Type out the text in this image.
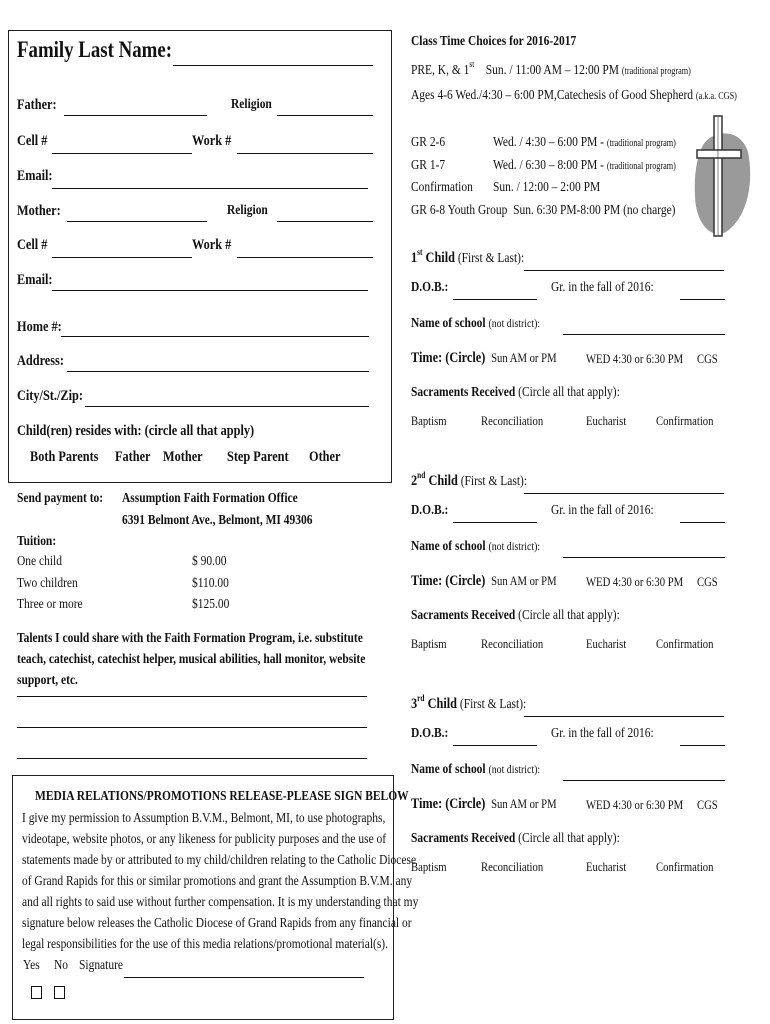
Family Last Name:
Father:	Religion
Cell #	Work #
Email:
Mother:	Religion
Cell #	Work #
Email:
Home #:
Address:
City/St./Zip:
Child(ren) resides with: (circle all that apply)
Both Parents	Father Mother	Step Parent	Other
Send payment to:	Assumption Faith Formation Office
6391 Belmont Ave., Belmont, MI 49306
Tuition:
One child	$ 90.00
Two children	$110.00
Three or more	$125.00
Talents I could share with the Faith Formation Program, i.e. substitute teach, catechist, catechist helper, musical abilities, hall monitor, website support, etc.
MEDIA RELATIONS/PROMOTIONS RELEASE-PLEASE SIGN BELOW
I give my permission to Assumption B.V.M., Belmont, MI, to use photographs,
videotape, website photos, or any likeness for publicity purposes and the use of
statements made by or attributed to my child/children relating to the Catholic Diocese
of Grand Rapids for this or similar promotions and grant the Assumption B.V.M. any
and all rights to said use without further compensation. It is my understanding that my
signature below releases the Catholic Diocese of Grand Rapids from any financial or
legal responsibilities for the use of this media relations/promotional material(s).
Yes No Signature
Class Time Choices for 2016-2017
PRE, K, & 1st Sun. / 11:00 AM – 12:00 PM (traditional program)
Ages 4-6 Wed./4:30 – 6:00 PM,Catechesis of Good Shepherd (a.k.a. CGS)
GR 2-6	Wed. / 4:30 – 6:00 PM - (traditional program)
GR 1-7	Wed. / 6:30 – 8:00 PM - (traditional program)
Confirmation	Sun. / 12:00 – 2:00 PM
GR 6-8 Youth Group Sun. 6:30 PM-8:00 PM (no charge)
1st Child (First & Last):
D.O.B.:	Gr. in the fall of 2016:
Name of school (not district):
Time: (Circle) Sun AM or PM	WED 4:30 or 6:30 PM	CGS
Sacraments Received (Circle all that apply):
Baptism	Reconciliation	Eucharist	Confirmation
2nd Child (First & Last):
D.O.B.:	Gr. in the fall of 2016:
Name of school (not district):
Time: (Circle) Sun AM or PM	WED 4:30 or 6:30 PM	CGS
Sacraments Received (Circle all that apply):
Baptism	Reconciliation	Eucharist	Confirmation
3rd Child (First & Last):
D.O.B.:	Gr. in the fall of 2016:
Name of school (not district):
Time: (Circle) Sun AM or PM	WED 4:30 or 6:30 PM	CGS
Sacraments Received (Circle all that apply):
Baptism	Reconciliation	Eucharist	Confirmation
